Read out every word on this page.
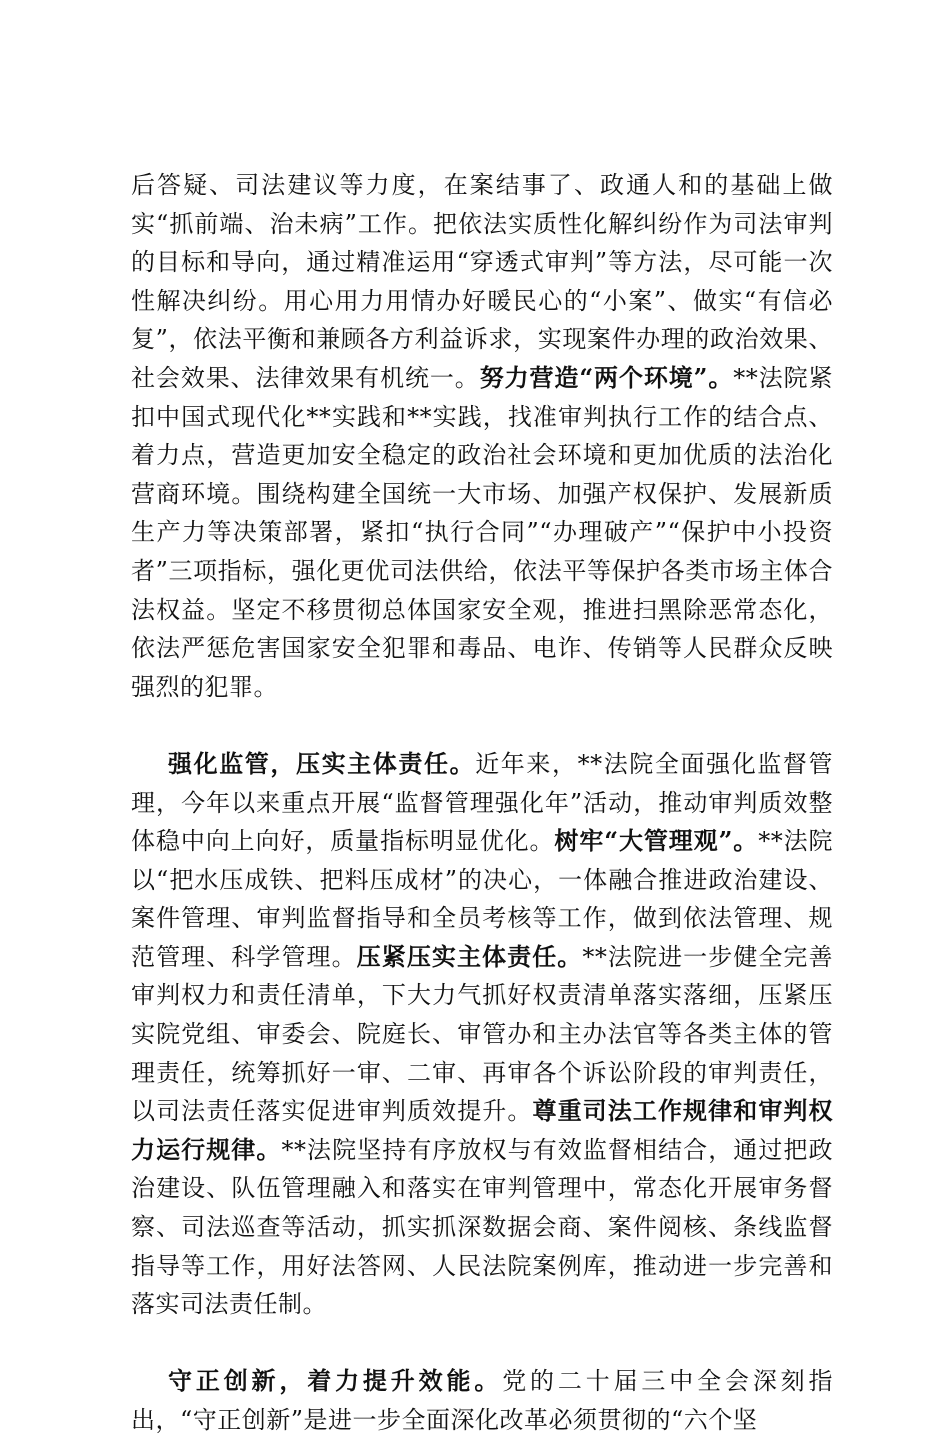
后答疑、司法建议等力度，在案结事了、政通人和的基础上做实“抓前端、治未病”工作。把依法实质性化解纠纷作为司法审判的目标和导向，通过精准运用“穿透式审判”等方法，尽可能一次性解决纠纷。用心用力用情办好暖民心的“小案”、做实“有信必复”，依法平衡和兼顾各方利益诉求，实现案件办理的政治效果、社会效果、法律效果有机统一。努力营造“两个环境”。**法院紧扣中国式现代化**实践和**实践，找准审判执行工作的结合点、着力点，营造更加安全稳定的政治社会环境和更加优质的法治化营商环境。围绕构建全国统一大市场、加强产权保护、发展新质生产力等决策部署，紧扣“执行合同”“办理破产”“保护中小投资者”三项指标，强化更优司法供给，依法平等保护各类市场主体合法权益。坚定不移贯彻总体国家安全观，推进扫黑除恶常态化，依法严惩危害国家安全犯罪和毒品、电诈、传销等人民群众反映强烈的犯罪。

强化监管，压实主体责任。近年来，**法院全面强化监督管理，今年以来重点开展“监督管理强化年”活动，推动审判质效整体稳中向上向好，质量指标明显优化。树牢“大管理观”。**法院以“把水压成铁、把料压成材”的决心，一体融合推进政治建设、案件管理、审判监督指导和全员考核等工作，做到依法管理、规范管理、科学管理。压紧压实主体责任。**法院进一步健全完善审判权力和责任清单，下大力气抓好权责清单落实落细，压紧压实院党组、审委会、院庭长、审管办和主办法官等各类主体的管理责任，统筹抓好一审、二审、再审各个诉讼阶段的审判责任，以司法责任落实促进审判质效提升。尊重司法工作规律和审判权力运行规律。**法院坚持有序放权与有效监督相结合，通过把政治建设、队伍管理融入和落实在审判管理中，常态化开展审务督察、司法巡查等活动，抓实抓深数据会商、案件阅核、条线监督指导等工作，用好法答网、人民法院案例库，推动进一步完善和落实司法责任制。

守正创新，着力提升效能。党的二十届三中全会深刻指出，“守正创新”是进一步全面深化改革必须贯彻的“六个坚
